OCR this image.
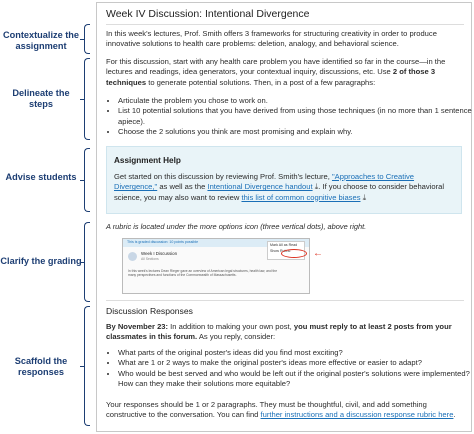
Contextualize the assignment
Delineate the steps
Advise students
Clarify the grading
Scaffold the responses
Week IV Discussion: Intentional Divergence
In this week's lectures, Prof. Smith offers 3 frameworks for structuring creativity in order to produce innovative solutions to health care problems: deletion, analogy, and behavioral science.
For this discussion, start with any health care problem you have identified so far in the course—in the lectures and readings, idea generators, your contextual inquiry, discussions, etc. Use 2 of those 3 techniques to generate potential solutions. Then, in a post of a few paragraphs:
• Articulate the problem you chose to work on.
• List 10 potential solutions that you have derived from using those techniques (in no more than 1 sentence apiece).
• Choose the 2 solutions you think are most promising and explain why.
Assignment Help
Get started on this discussion by reviewing Prof. Smith's lecture, "Approaches to Creative Divergence," as well as the Intentional Divergence handout ⤓. If you choose to consider behavioral science, you may also want to review this list of common cognitive biases ⤓
A rubric is located under the more options icon (three vertical dots), above right.
This is graded discussion: 10 points possible
Week I Discussion
All Sections
In this week's lectures Dean Rieger gave an overview of American legal structures, health law, and the many perspectives and functions of the Commonwealth of Massachusetts.
Mark All as Read
Show Rubric	←
Discussion Responses
By November 23: In addition to making your own post, you must reply to at least 2 posts from your classmates in this forum. As you reply, consider:
• What parts of the original poster's ideas did you find most exciting?
• What are 1 or 2 ways to make the original poster's ideas more effective or easier to adapt?
• Who would be best served and who would be left out if the original poster's solutions were implemented? How can they make their solutions more equitable?
Your responses should be 1 or 2 paragraphs. They must be thoughtful, civil, and add something constructive to the conversation. You can find further instructions and a discussion response rubric here.
